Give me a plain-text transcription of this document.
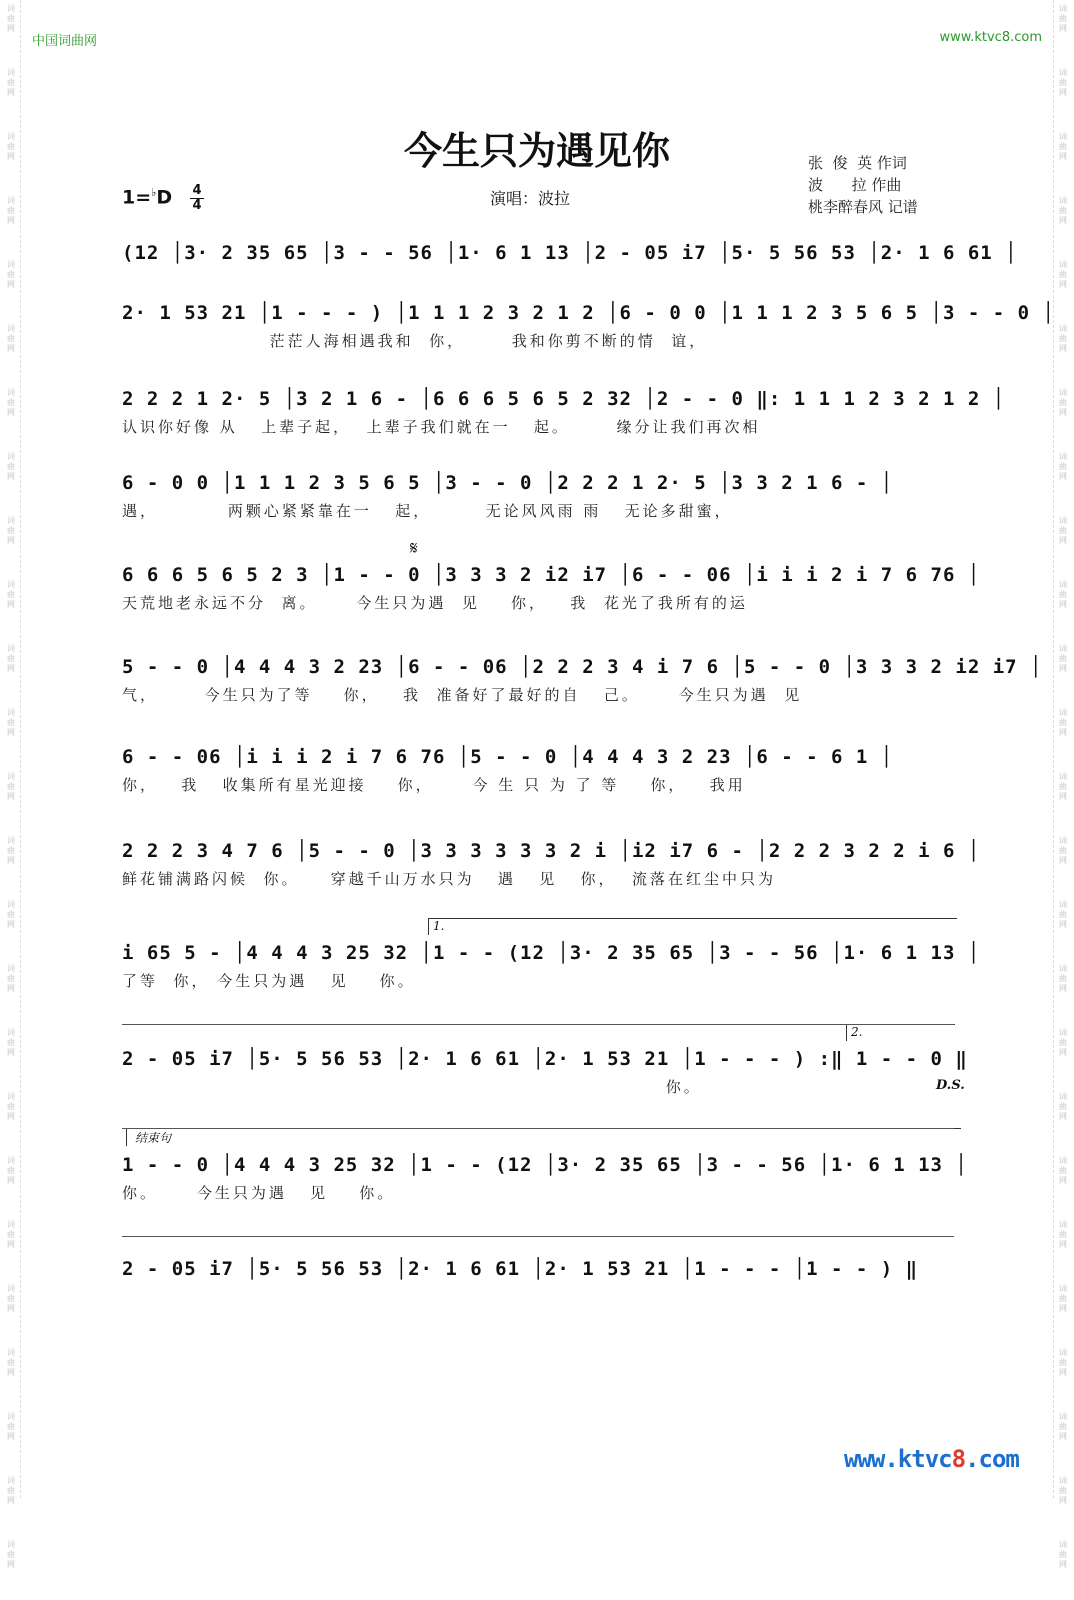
词
曲
网
词
曲
网
词
曲
网
词
曲
网
词
曲
网
词
曲
网
词
曲
网
词
曲
网
词
曲
网
词
曲
网
词
曲
网
词
曲
网
词
曲
网
词
曲
网
词
曲
网
词
曲
网
词
曲
网
词
曲
网
词
曲
网
词
曲
网
词
曲
网
词
曲
网
词
曲
网
词
曲
网
词
曲
网
词
曲
网
词
曲
网
词
曲
网
词
曲
网
词
曲
网
词
曲
网
词
曲
网
词
曲
网
词
曲
网
词
曲
网
词
曲
网
词
曲
网
词
曲
网
词
曲
网
词
曲
网
词
曲
网
词
曲
网
词
曲
网
词
曲
网
词
曲
网
词
曲
网
词
曲
网
词
曲
网
词
曲
网
词
曲
网
中国词曲网	www.ktvc8.com
今生只为遇见你	张  俊  英 作词
波      拉 作曲
桃李醉春风 记谱
1=♭D 4
4	演唱：波拉
(12 │3· 2 35 65 │3 - - 56 │1· 6 1 13 │2 - 05 i7 │5· 5 56 53 │2· 1 6 61 │
2· 1 53 21 │1 - - - ) │1 1 1 2 3 2 1 2 │6 - 0 0 │1 1 1 2 3 5 6 5 │3 - - 0 │
茫茫人海相遇我和  你，      我和你剪不断的情  谊，
2 2 2 1 2· 5 │3 2 1 6 - │6 6 6 5 6 5 2 32 │2 - - 0 ‖: 1 1 1 2 3 2 1 2 │
认识你好像 从   上辈子起，  上辈子我们就在一   起。      缘分让我们再次相
6 - 0 0 │1 1 1 2 3 5 6 5 │3 - - 0 │2 2 2 1 2· 5 │3 3 2 1 6 - │
遇，         两颗心紧紧靠在一   起，       无论风风雨 雨   无论多甜蜜，
6 6 6 5 6 5 2 3 │1 - - 0 │3 3 3 2 i2 i7 │6 - - 06 │i i i 2 i 7 6 76 │
天荒地老永远不分  离。     今生只为遇  见    你，   我  花光了我所有的运
5 - - 0 │4 4 4 3 2 23 │6 - - 06 │2 2 2 3 4 i 7 6 │5 - - 0 │3 3 3 2 i2 i7 │
气，      今生只为了等    你，   我  准备好了最好的自   己。     今生只为遇  见
6 - - 06 │i i i 2 i 7 6 76 │5 - - 0 │4 4 4 3 2 23 │6 - - 6 1 │
你，   我   收集所有星光迎接    你，     今 生 只 为 了 等    你，   我用
2 2 2 3 4 7 6 │5 - - 0 │3 3 3 3 3 3 2 i │i2 i7 6 - │2 2 2 3 2 2 i 6 │
鲜花铺满路闪候  你。    穿越千山万水只为   遇   见   你，  流落在红尘中只为
i 65 5 - │4 4 4 3 25 32 │1 - - (12 │3· 2 35 65 │3 - - 56 │1· 6 1 13 │
了等  你， 今生只为遇   见    你。
2 - 05 i7 │5· 5 56 53 │2· 1 6 61 │2· 1 53 21 │1 - - - ) :‖ 1 - - 0 ‖
你。
1 - - 0 │4 4 4 3 25 32 │1 - - (12 │3· 2 35 65 │3 - - 56 │1· 6 1 13 │
你。     今生只为遇   见    你。
2 - 05 i7 │5· 5 56 53 │2· 1 6 61 │2· 1 53 21 │1 - - - │1 - - ) ‖
𝄋
1.
2.
D.S.
结束句
www.ktvc8.com
